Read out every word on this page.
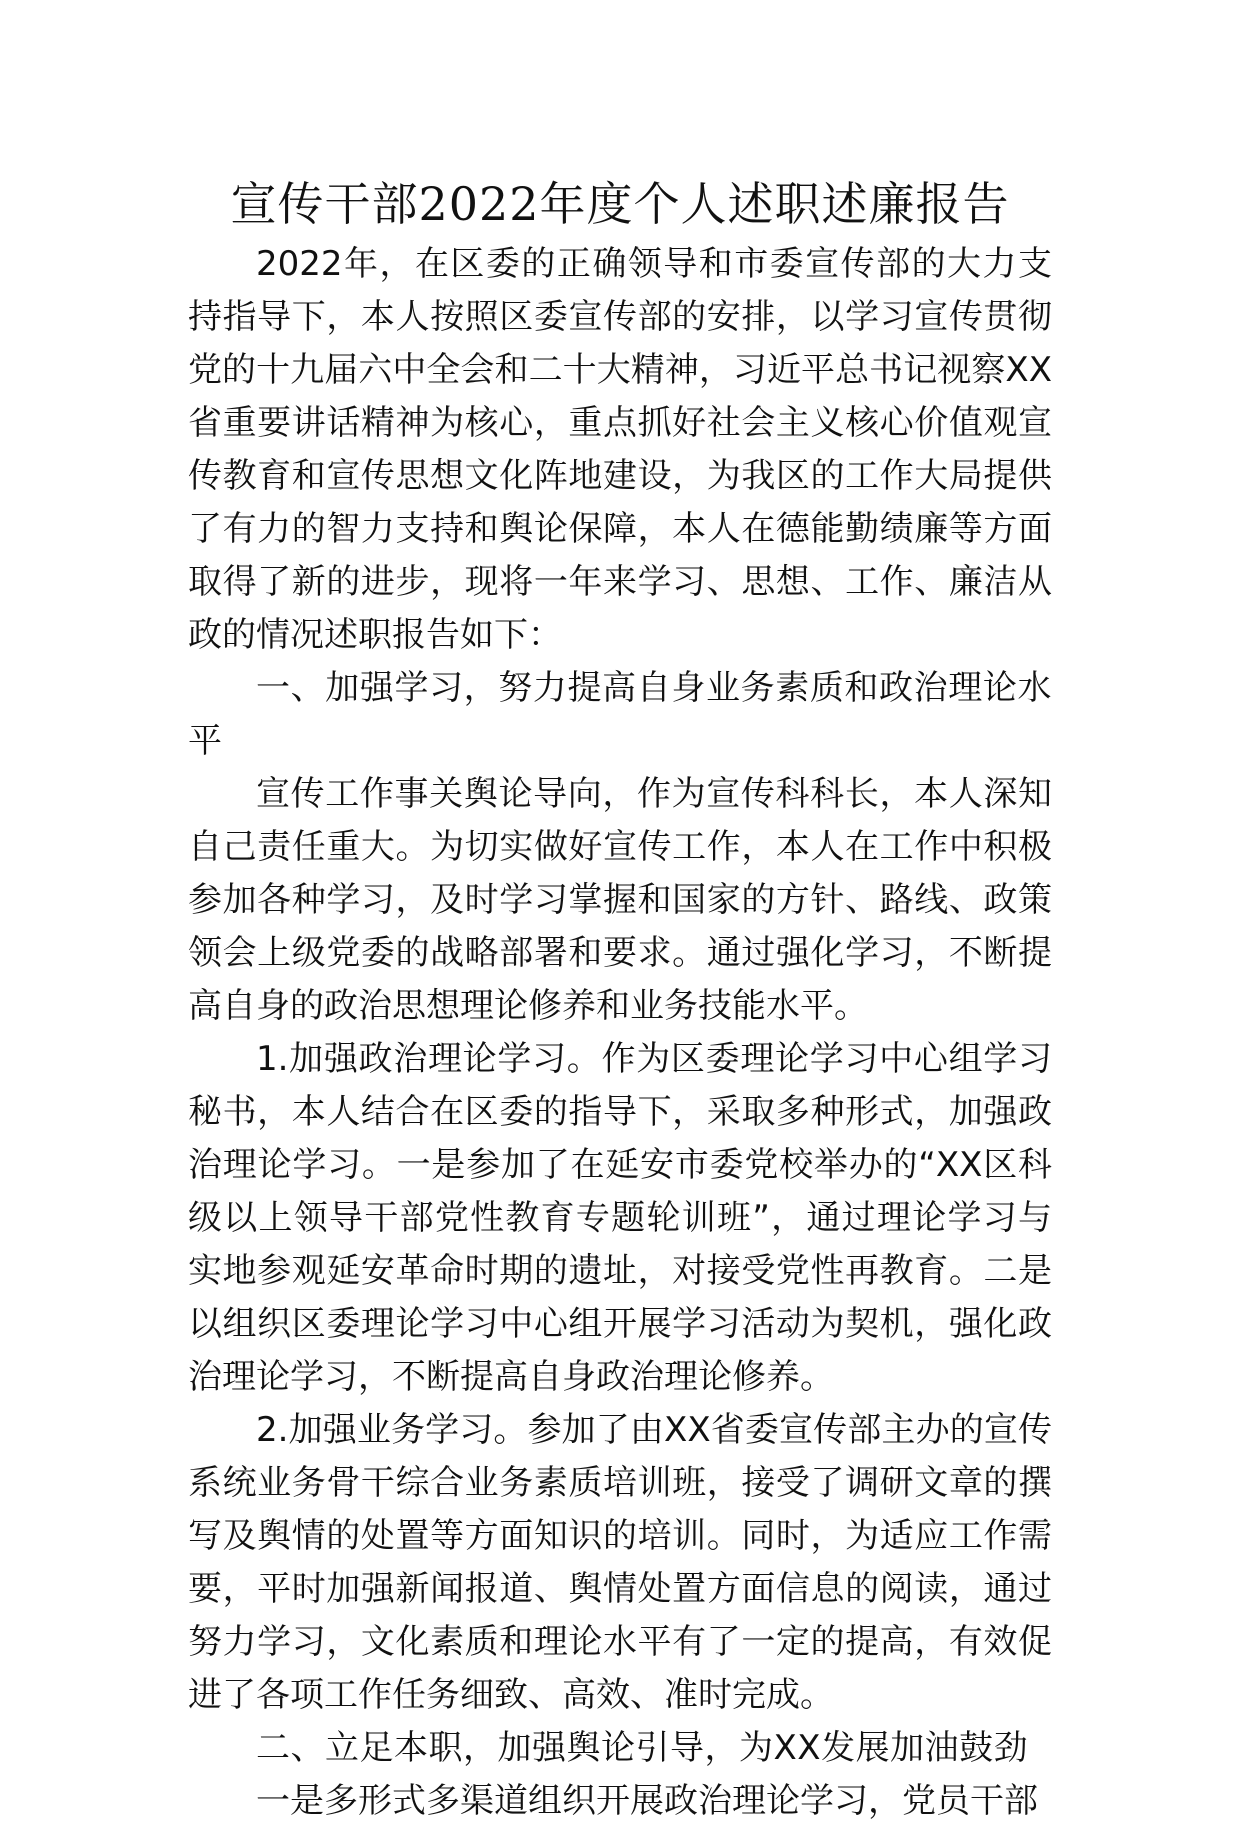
宣传干部2022年度个人述职述廉报告

2022年，在区委的正确领导和市委宣传部的大力支持指导下，本人按照区委宣传部的安排，以学习宣传贯彻党的十九届六中全会和二十大精神，习近平总书记视察XX省重要讲话精神为核心，重点抓好社会主义核心价值观宣传教育和宣传思想文化阵地建设，为我区的工作大局提供了有力的智力支持和舆论保障，本人在德能勤绩廉等方面取得了新的进步，现将一年来学习、思想、工作、廉洁从政的情况述职报告如下：

一、加强学习，努力提高自身业务素质和政治理论水平

宣传工作事关舆论导向，作为宣传科科长，本人深知自己责任重大。为切实做好宣传工作，本人在工作中积极参加各种学习，及时学习掌握和国家的方针、路线、政策领会上级党委的战略部署和要求。通过强化学习，不断提高自身的政治思想理论修养和业务技能水平。

1.加强政治理论学习。作为区委理论学习中心组学习秘书，本人结合在区委的指导下，采取多种形式，加强政治理论学习。一是参加了在延安市委党校举办的“XX区科级以上领导干部党性教育专题轮训班”，通过理论学习与实地参观延安革命时期的遗址，对接受党性再教育。二是以组织区委理论学习中心组开展学习活动为契机，强化政治理论学习，不断提高自身政治理论修养。

2.加强业务学习。参加了由XX省委宣传部主办的宣传系统业务骨干综合业务素质培训班，接受了调研文章的撰写及舆情的处置等方面知识的培训。同时，为适应工作需要，平时加强新闻报道、舆情处置方面信息的阅读，通过努力学习，文化素质和理论水平有了一定的提高，有效促进了各项工作任务细致、高效、准时完成。

二、立足本职，加强舆论引导，为XX发展加油鼓劲

一是多形式多渠道组织开展政治理论学习，党员干部
